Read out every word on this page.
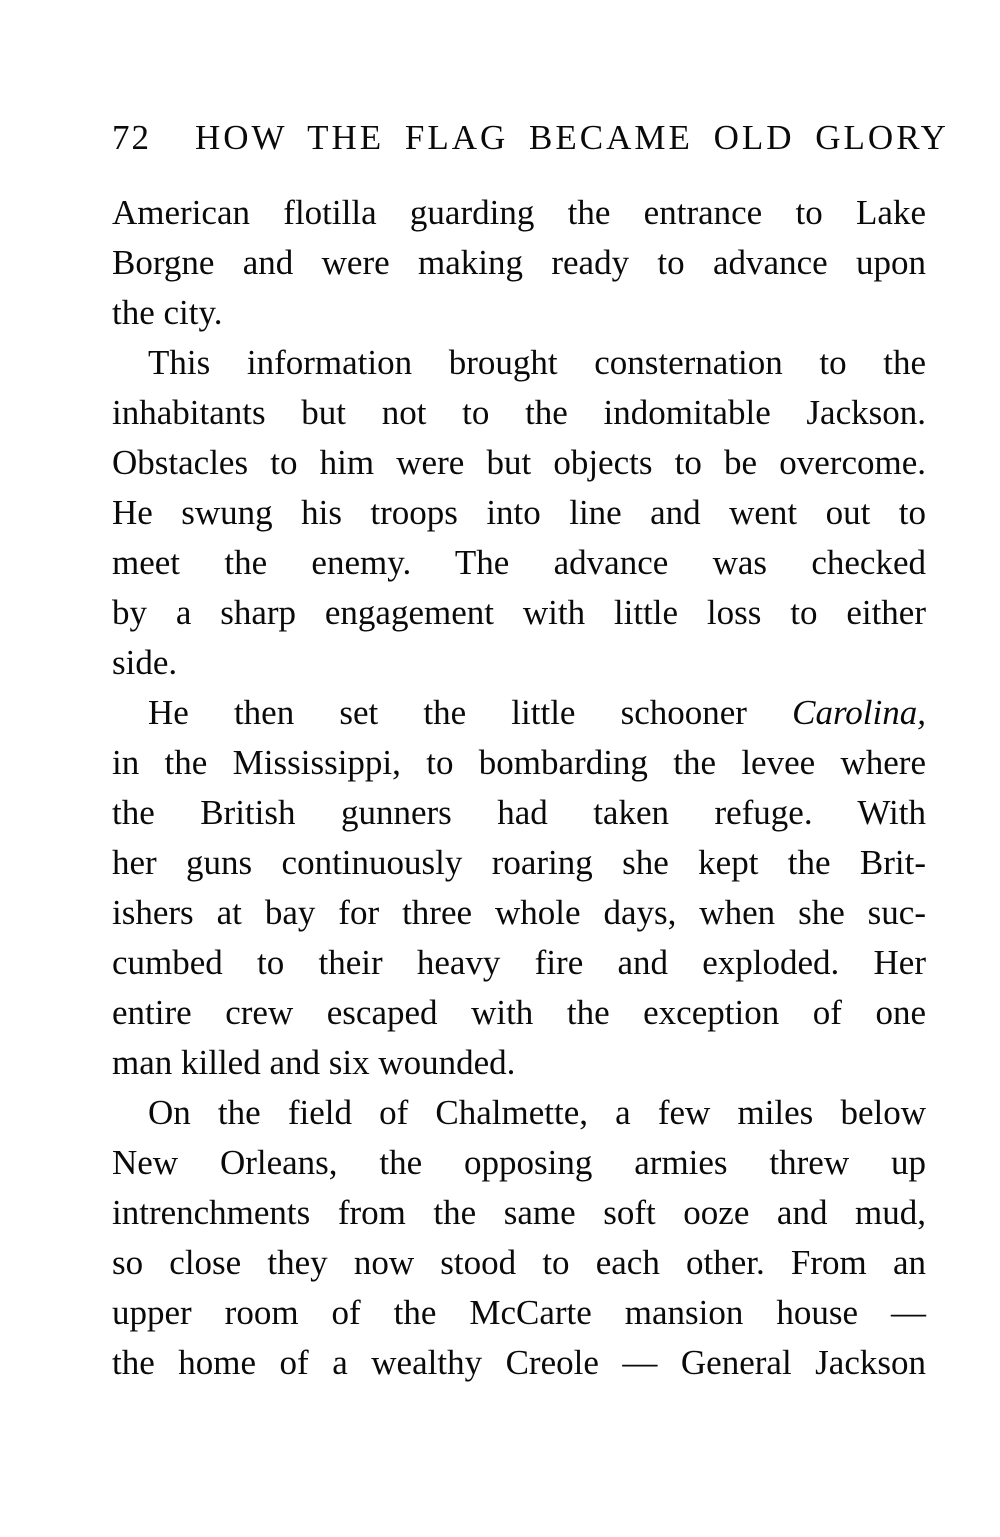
72 HOW THE FLAG BECAME OLD GLORY
American flotilla guarding the entrance to Lake
Borgne and were making ready to advance upon
the city.
This information brought consternation to the
inhabitants but not to the indomitable Jackson.
Obstacles to him were but objects to be overcome.
He swung his troops into line and went out to
meet the enemy. The advance was checked
by a sharp engagement with little loss to either
side.
He then set the little schooner Carolina,
in the Mississippi, to bombarding the levee where
the British gunners had taken refuge. With
her guns continuously roaring she kept the Brit-
ishers at bay for three whole days, when she suc-
cumbed to their heavy fire and exploded. Her
entire crew escaped with the exception of one
man killed and six wounded.
On the field of Chalmette, a few miles below
New Orleans, the opposing armies threw up
intrenchments from the same soft ooze and mud,
so close they now stood to each other. From an
upper room of the McCarte mansion house —
the home of a wealthy Creole — General Jackson
